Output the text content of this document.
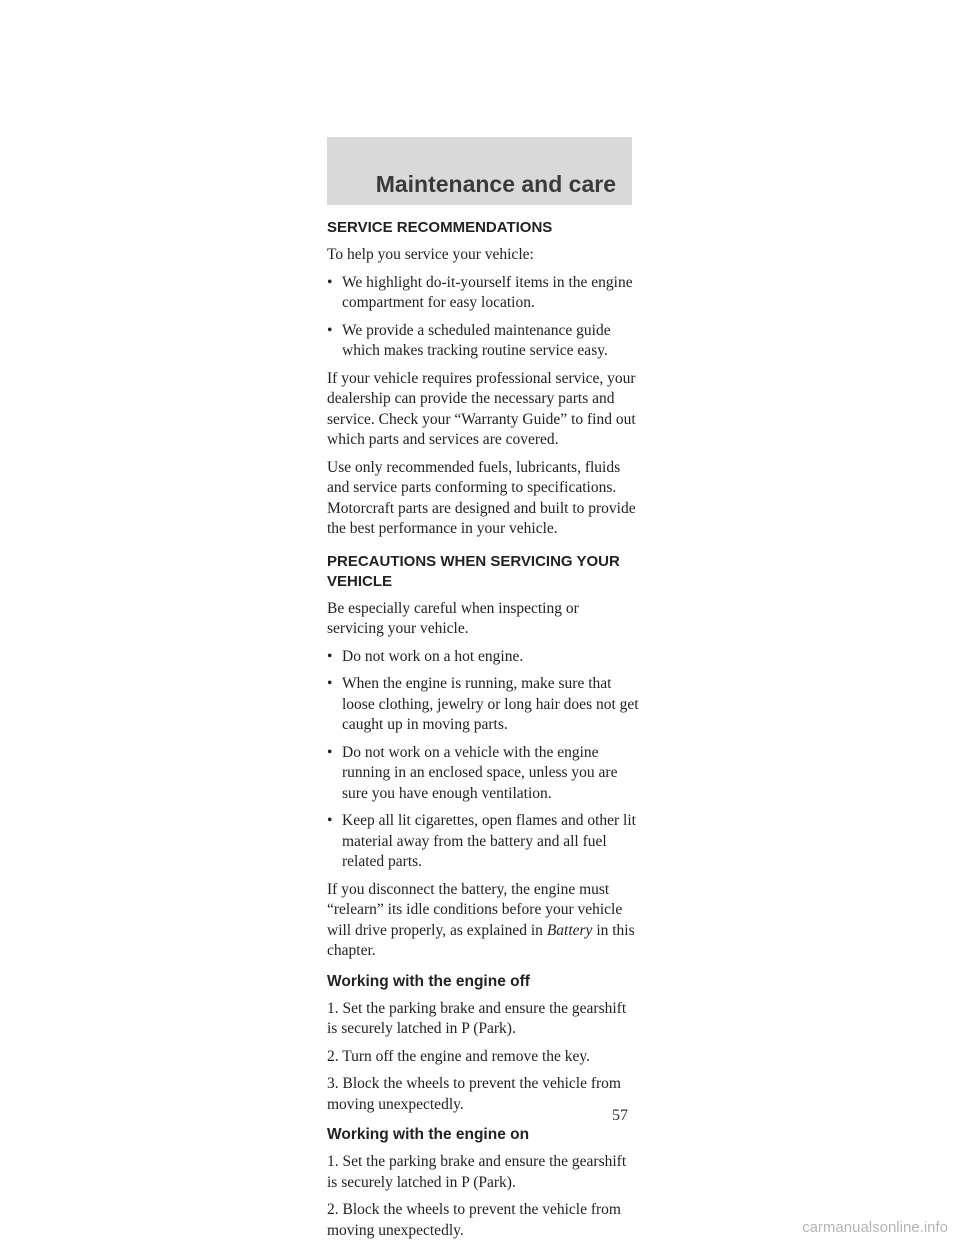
Maintenance and care
SERVICE RECOMMENDATIONS

To help you service your vehicle:

• We highlight do-it-yourself items in the engine compartment for easy location.
• We provide a scheduled maintenance guide which makes tracking routine service easy.

If your vehicle requires professional service, your dealership can provide the necessary parts and service. Check your “Warranty Guide” to find out which parts and services are covered.

Use only recommended fuels, lubricants, fluids and service parts conforming to specifications. Motorcraft parts are designed and built to provide the best performance in your vehicle.

PRECAUTIONS WHEN SERVICING YOUR VEHICLE

Be especially careful when inspecting or servicing your vehicle.

• Do not work on a hot engine.
• When the engine is running, make sure that loose clothing, jewelry or long hair does not get caught up in moving parts.
• Do not work on a vehicle with the engine running in an enclosed space, unless you are sure you have enough ventilation.
• Keep all lit cigarettes, open flames and other lit material away from the battery and all fuel related parts.

If you disconnect the battery, the engine must “relearn” its idle conditions before your vehicle will drive properly, as explained in Battery in this chapter.

Working with the engine off

1. Set the parking brake and ensure the gearshift is securely latched in P (Park).

2. Turn off the engine and remove the key.

3. Block the wheels to prevent the vehicle from moving unexpectedly.

Working with the engine on

1. Set the parking brake and ensure the gearshift is securely latched in P (Park).

2. Block the wheels to prevent the vehicle from moving unexpectedly.

57
carmanualsonline.info
